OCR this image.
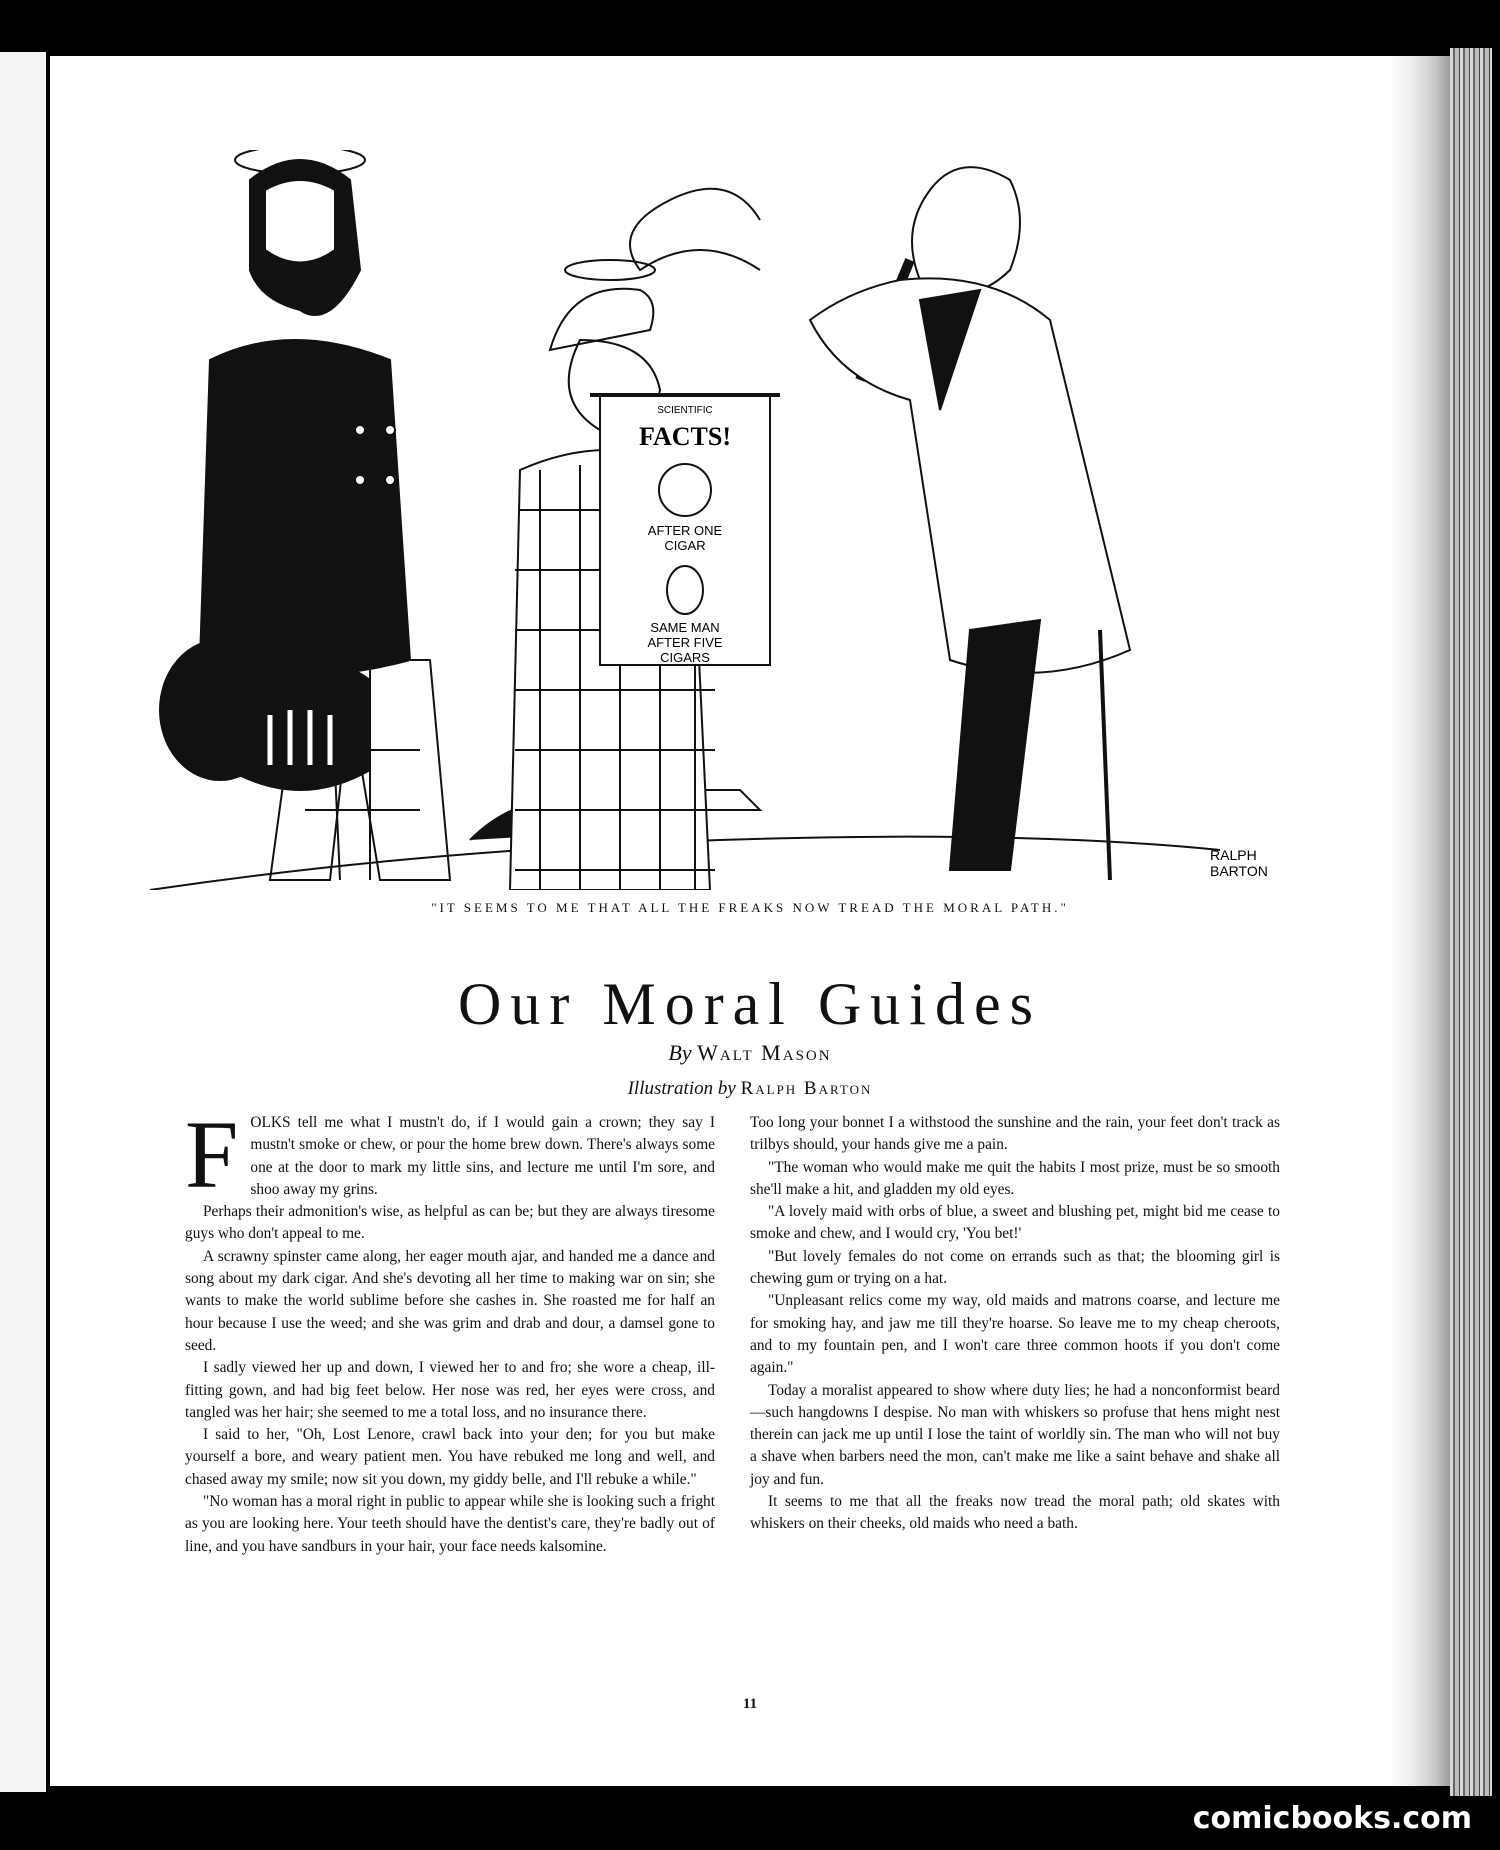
SCIENTIFIC
FACTS!
AFTER ONE
CIGAR
SAME MAN
AFTER FIVE
CIGARS
RALPH
BARTON
"IT SEEMS TO ME THAT ALL THE FREAKS NOW TREAD THE MORAL PATH."
Our Moral Guides
By Walt Mason
Illustration by Ralph Barton

FOLKS tell me what I mustn't do, if I would gain a crown; they say I mustn't smoke or chew, or pour the home brew down. There's always some one at the door to mark my little sins, and lecture me until I'm sore, and shoo away my grins.

Perhaps their admonition's wise, as helpful as can be; but they are always tiresome guys who don't appeal to me.

A scrawny spinster came along, her eager mouth ajar, and handed me a dance and song about my dark cigar. And she's devoting all her time to making war on sin; she wants to make the world sublime before she cashes in. She roasted me for half an hour because I use the weed; and she was grim and drab and dour, a damsel gone to seed.

I sadly viewed her up and down, I viewed her to and fro; she wore a cheap, ill-fitting gown, and had big feet below. Her nose was red, her eyes were cross, and tangled was her hair; she seemed to me a total loss, and no insurance there.

I said to her, "Oh, Lost Lenore, crawl back into your den; for you but make yourself a bore, and weary patient men. You have rebuked me long and well, and chased away my smile; now sit you down, my giddy belle, and I'll rebuke a while."

"No woman has a moral right in public to appear while she is looking such a fright as you are looking here. Your teeth should have the dentist's care, they're badly out of line, and you have sandburs in your hair, your face needs kalsomine.

Too long your bonnet I a withstood the sunshine and the rain, your feet don't track as trilbys should, your hands give me a pain.

"The woman who would make me quit the habits I most prize, must be so smooth she'll make a hit, and gladden my old eyes.

"A lovely maid with orbs of blue, a sweet and blushing pet, might bid me cease to smoke and chew, and I would cry, 'You bet!'

"But lovely females do not come on errands such as that; the blooming girl is chewing gum or trying on a hat.

"Unpleasant relics come my way, old maids and matrons coarse, and lecture me for smoking hay, and jaw me till they're hoarse. So leave me to my cheap cheroots, and to my fountain pen, and I won't care three common hoots if you don't come again."

Today a moralist appeared to show where duty lies; he had a nonconformist beard—such hangdowns I despise. No man with whiskers so profuse that hens might nest therein can jack me up until I lose the taint of worldly sin. The man who will not buy a shave when barbers need the mon, can't make me like a saint behave and shake all joy and fun.

It seems to me that all the freaks now tread the moral path; old skates with whiskers on their cheeks, old maids who need a bath.

11
comicbooks.com
